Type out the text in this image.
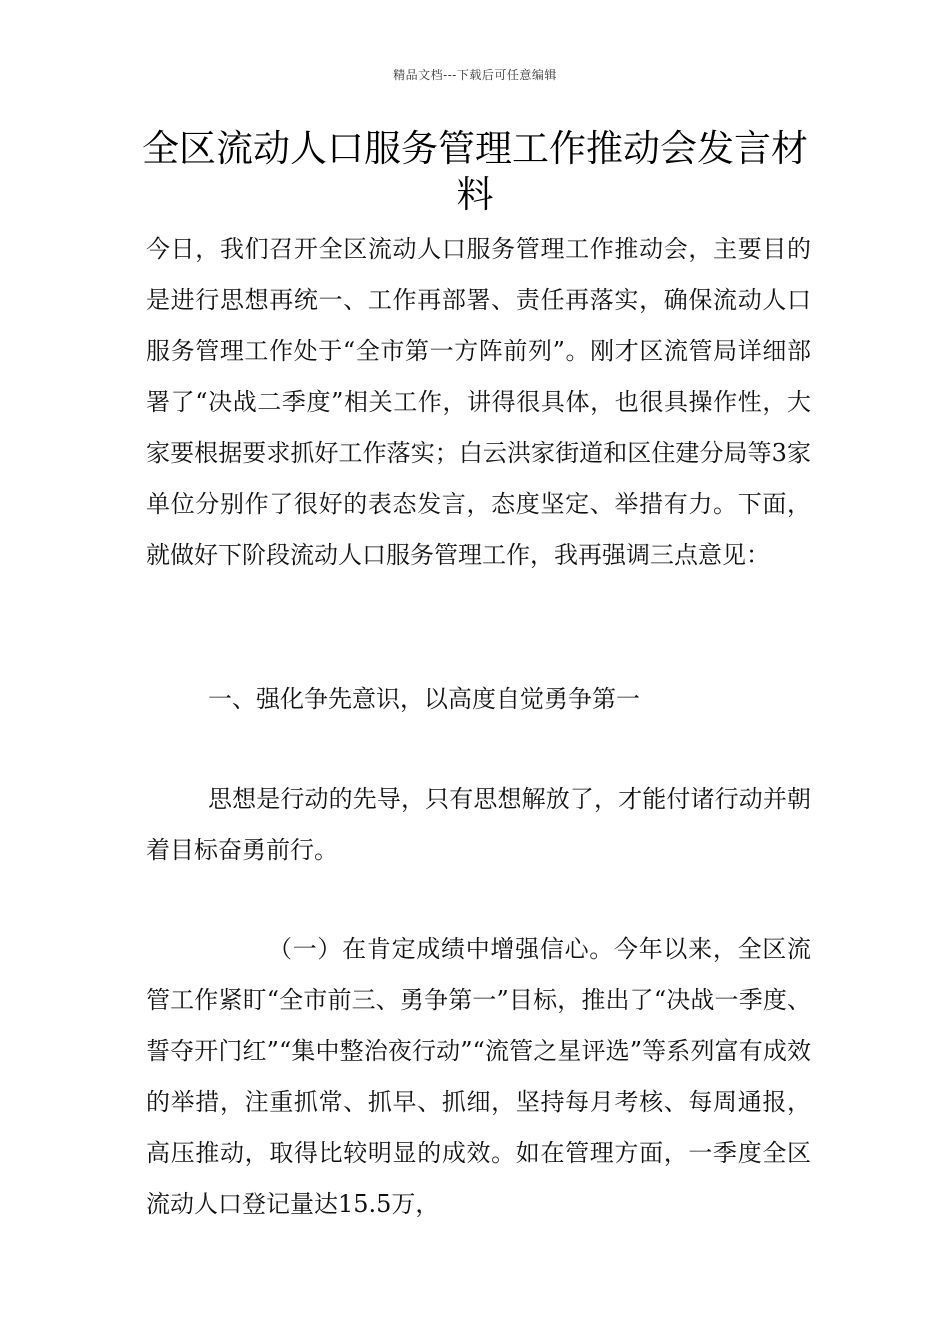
精品文档---下载后可任意编辑
全区流动人口服务管理工作推动会发言材料

今日，我们召开全区流动人口服务管理工作推动会，主要目的是进行思想再统一、工作再部署、责任再落实，确保流动人口服务管理工作处于“全市第一方阵前列”。刚才区流管局详细部署了“决战二季度”相关工作，讲得很具体，也很具操作性，大家要根据要求抓好工作落实；白云洪家街道和区住建分局等3家单位分别作了很好的表态发言，态度坚定、举措有力。下面，就做好下阶段流动人口服务管理工作，我再强调三点意见：

一、强化争先意识，以高度自觉勇争第一

思想是行动的先导，只有思想解放了，才能付诸行动并朝着目标奋勇前行。

（一）在肯定成绩中增强信心。今年以来，全区流管工作紧盯“全市前三、勇争第一”目标，推出了“决战一季度、誓夺开门红”“集中整治夜行动”“流管之星评选”等系列富有成效的举措，注重抓常、抓早、抓细，坚持每月考核、每周通报，高压推动，取得比较明显的成效。如在管理方面，一季度全区流动人口登记量达15.5万，
